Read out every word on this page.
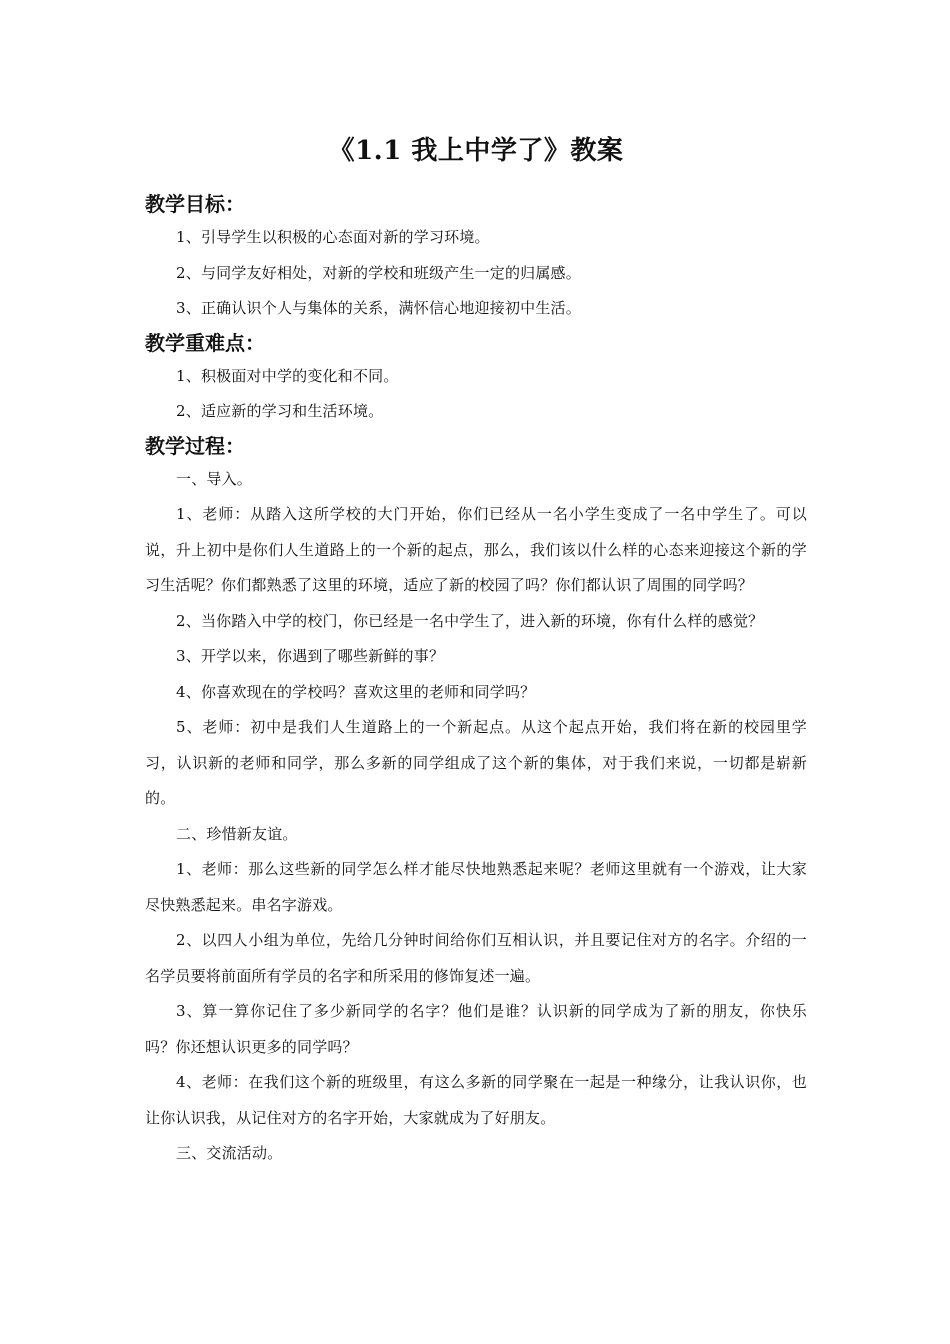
《1.1 我上中学了》教案
教学目标：

1、引导学生以积极的心态面对新的学习环境。

2、与同学友好相处，对新的学校和班级产生一定的归属感。

3、正确认识个人与集体的关系，满怀信心地迎接初中生活。

教学重难点：

1、积极面对中学的变化和不同。

2、适应新的学习和生活环境。

教学过程：

一、导入。

1、老师：从踏入这所学校的大门开始，你们已经从一名小学生变成了一名中学生了。可以说，升上初中是你们人生道路上的一个新的起点，那么，我们该以什么样的心态来迎接这个新的学习生活呢？你们都熟悉了这里的环境，适应了新的校园了吗？你们都认识了周围的同学吗？

2、当你踏入中学的校门，你已经是一名中学生了，进入新的环境，你有什么样的感觉？

3、开学以来，你遇到了哪些新鲜的事？

4、你喜欢现在的学校吗？喜欢这里的老师和同学吗？

5、老师：初中是我们人生道路上的一个新起点。从这个起点开始，我们将在新的校园里学习，认识新的老师和同学，那么多新的同学组成了这个新的集体，对于我们来说，一切都是崭新的。

二、珍惜新友谊。

1、老师：那么这些新的同学怎么样才能尽快地熟悉起来呢？老师这里就有一个游戏，让大家尽快熟悉起来。串名字游戏。

2、以四人小组为单位，先给几分钟时间给你们互相认识，并且要记住对方的名字。介绍的一名学员要将前面所有学员的名字和所采用的修饰复述一遍。

3、算一算你记住了多少新同学的名字？他们是谁？认识新的同学成为了新的朋友，你快乐吗？你还想认识更多的同学吗？

4、老师：在我们这个新的班级里，有这么多新的同学聚在一起是一种缘分，让我认识你，也让你认识我，从记住对方的名字开始，大家就成为了好朋友。

三、交流活动。
